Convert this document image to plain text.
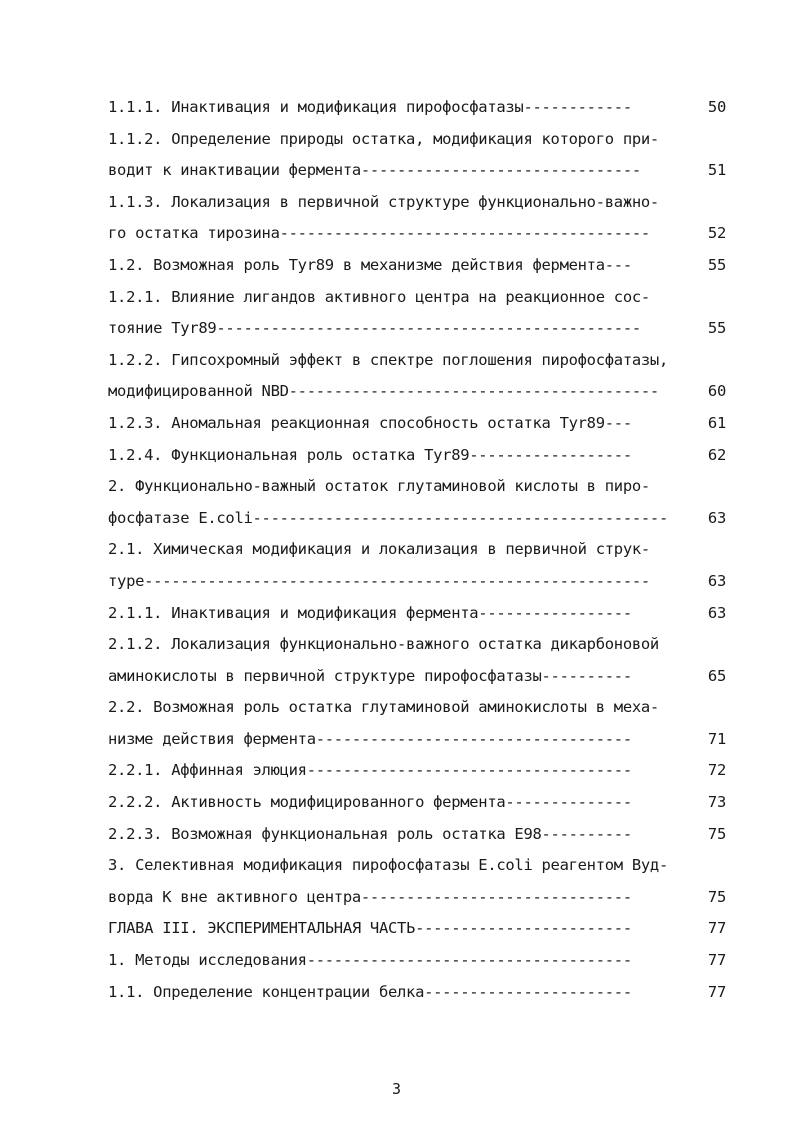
1.1.1. Инактивация и модификация пирофосфатазы------------	50
1.1.2. Определение природы остатка, модификация которого при-
водит к инактивации фермента-------------------------------	51
1.1.3. Локализация в первичной структуре функционально-важно-
го остатка тирозина-----------------------------------------	52
1.2. Возможная роль Tyr89 в механизме действия фермента---	55
1.2.1. Влияние лигандов активного центра на реакционное сос-
тояние Tyr89-----------------------------------------------	55
1.2.2. Гипсохромный эффект в спектре поглошения пирофосфатазы,
модифицированной NBD-----------------------------------------	60
1.2.3. Аномальная реакционная способность остатка Tyr89---	61
1.2.4. Функциональная роль остатка Tyr89------------------	62
2. Функционально-важный остаток глутаминовой кислоты в пиро-
фосфатазе E.coli----------------------------------------------	63
2.1. Химическая модификация и локализация в первичной струк-
туре--------------------------------------------------------	63
2.1.1. Инактивация и модификация фермента-----------------	63
2.1.2. Локализация функционально-важного остатка дикарбоновой
аминокислоты в первичной структуре пирофосфатазы----------	65
2.2. Возможная роль остатка глутаминовой аминокислоты в меха-
низме действия фермента-----------------------------------	71
2.2.1. Аффинная элюция------------------------------------	72
2.2.2. Активность модифицированного фермента--------------	73
2.2.3. Возможная функциональная роль остатка E98----------	75
3. Селективная модификация пирофосфатазы E.coli реагентом Вуд-
ворда К вне активного центра------------------------------	75
ГЛАВА III. ЭКСПЕРИМЕНТАЛЬНАЯ ЧАСТЬ------------------------	77
1. Методы исследования------------------------------------	77
1.1. Определение концентрации белка-----------------------	77
3
